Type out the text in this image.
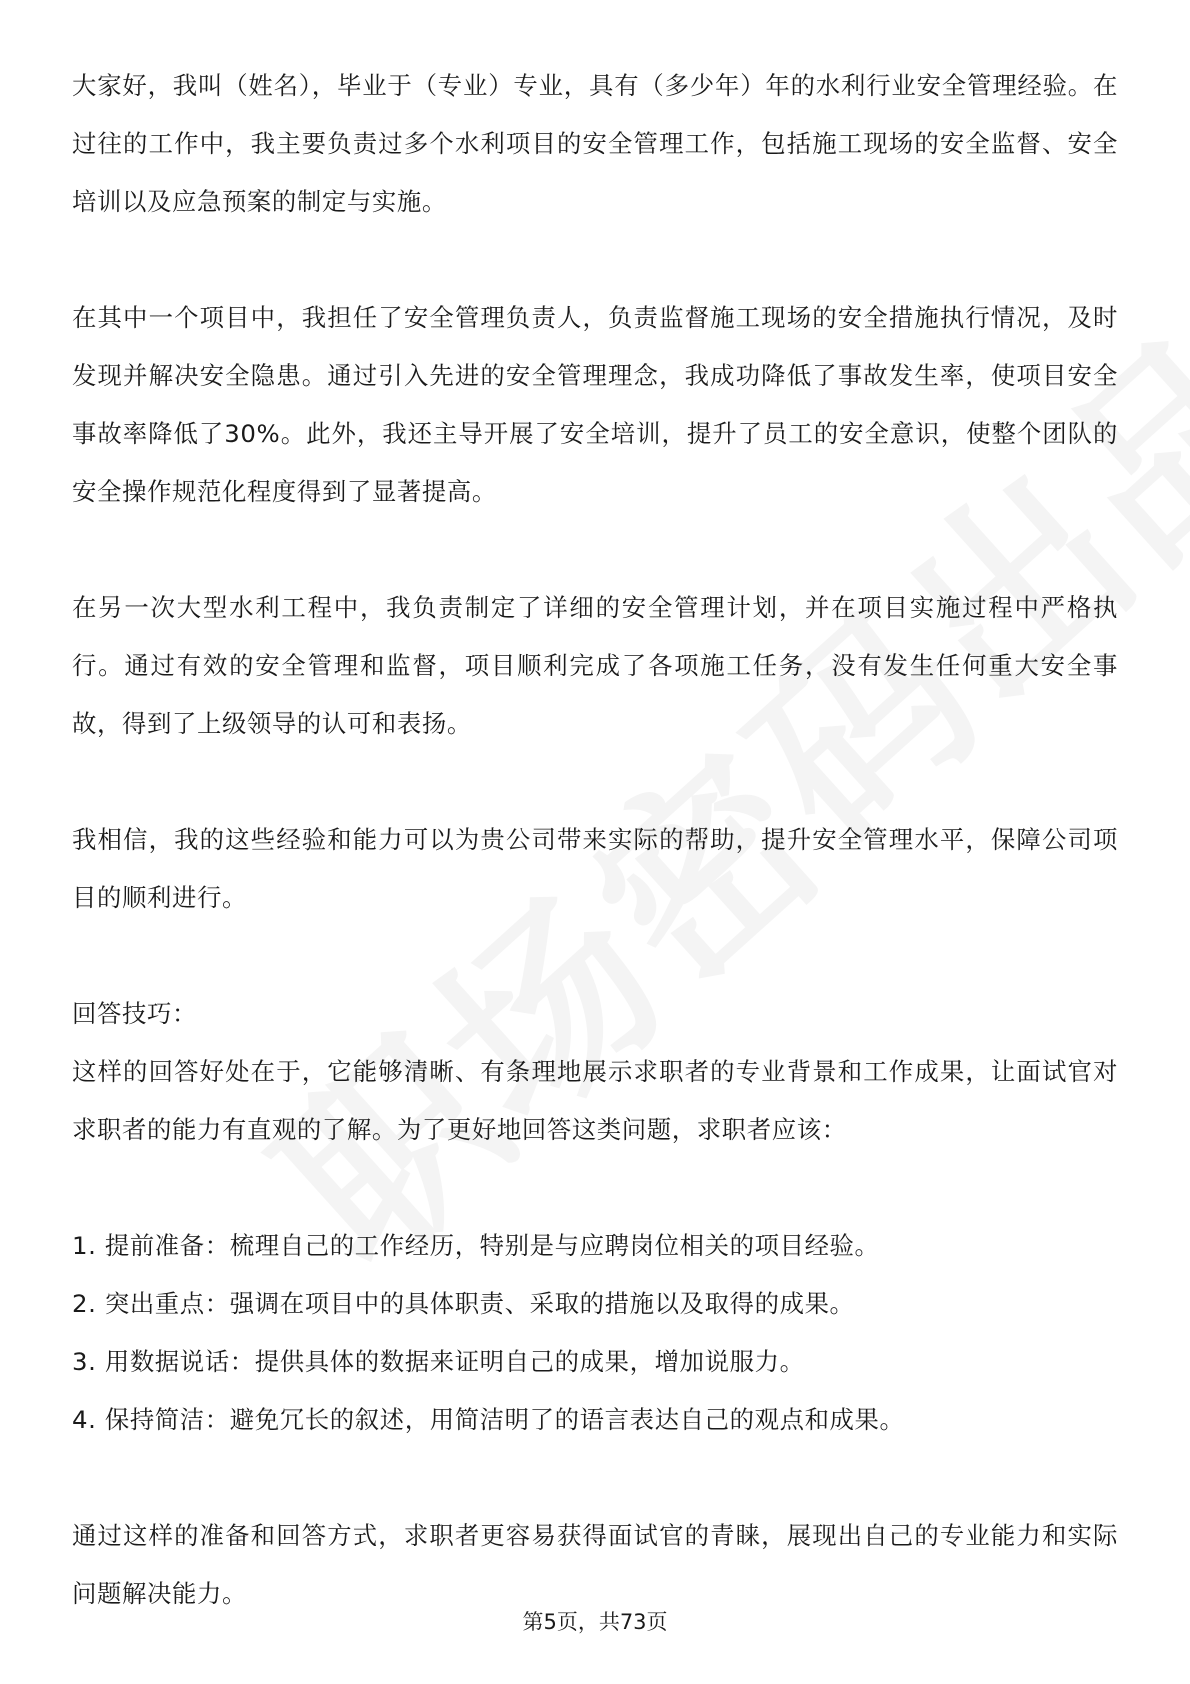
大家好，我叫（姓名），毕业于（专业）专业，具有（多少年）年的水利行业安全管理经验。在过往的工作中，我主要负责过多个水利项目的安全管理工作，包括施工现场的安全监督、安全培训以及应急预案的制定与实施。

在其中一个项目中，我担任了安全管理负责人，负责监督施工现场的安全措施执行情况，及时发现并解决安全隐患。通过引入先进的安全管理理念，我成功降低了事故发生率，使项目安全事故率降低了30%。此外，我还主导开展了安全培训，提升了员工的安全意识，使整个团队的安全操作规范化程度得到了显著提高。

在另一次大型水利工程中，我负责制定了详细的安全管理计划，并在项目实施过程中严格执行。通过有效的安全管理和监督，项目顺利完成了各项施工任务，没有发生任何重大安全事故，得到了上级领导的认可和表扬。

我相信，我的这些经验和能力可以为贵公司带来实际的帮助，提升安全管理水平，保障公司项目的顺利进行。

回答技巧：

这样的回答好处在于，它能够清晰、有条理地展示求职者的专业背景和工作成果，让面试官对求职者的能力有直观的了解。为了更好地回答这类问题，求职者应该：

1. 提前准备：梳理自己的工作经历，特别是与应聘岗位相关的项目经验。

2. 突出重点：强调在项目中的具体职责、采取的措施以及取得的成果。

3. 用数据说话：提供具体的数据来证明自己的成果，增加说服力。

4. 保持简洁：避免冗长的叙述，用简洁明了的语言表达自己的观点和成果。

通过这样的准备和回答方式，求职者更容易获得面试官的青睐，展现出自己的专业能力和实际问题解决能力。

第5页，共73页
